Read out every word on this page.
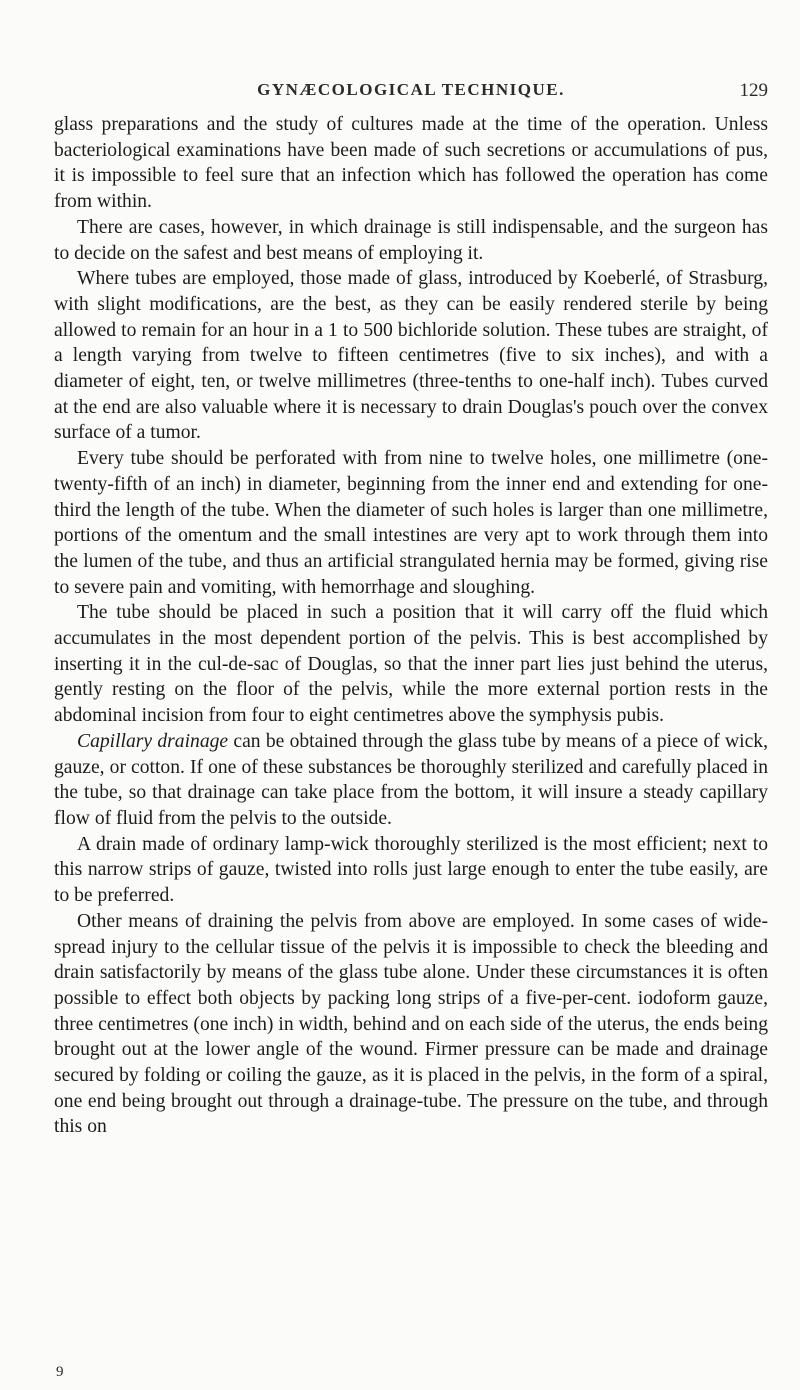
GYNÆCOLOGICAL TECHNIQUE.	129

glass preparations and the study of cultures made at the time of the operation. Unless bacteriological examinations have been made of such secretions or accumulations of pus, it is impossible to feel sure that an infection which has followed the operation has come from within.

There are cases, however, in which drainage is still indispensable, and the surgeon has to decide on the safest and best means of employing it.

Where tubes are employed, those made of glass, introduced by Koeberlé, of Strasburg, with slight modifications, are the best, as they can be easily rendered sterile by being allowed to remain for an hour in a 1 to 500 bichloride solution. These tubes are straight, of a length varying from twelve to fifteen centimetres (five to six inches), and with a diameter of eight, ten, or twelve millimetres (three-tenths to one-half inch). Tubes curved at the end are also valuable where it is necessary to drain Douglas's pouch over the convex surface of a tumor.

Every tube should be perforated with from nine to twelve holes, one millimetre (one-twenty-fifth of an inch) in diameter, beginning from the inner end and extending for one-third the length of the tube. When the diameter of such holes is larger than one millimetre, portions of the omentum and the small intestines are very apt to work through them into the lumen of the tube, and thus an artificial strangulated hernia may be formed, giving rise to severe pain and vomiting, with hemorrhage and sloughing.

The tube should be placed in such a position that it will carry off the fluid which accumulates in the most dependent portion of the pelvis. This is best accomplished by inserting it in the cul-de-sac of Douglas, so that the inner part lies just behind the uterus, gently resting on the floor of the pelvis, while the more external portion rests in the abdominal incision from four to eight centimetres above the symphysis pubis.

Capillary drainage can be obtained through the glass tube by means of a piece of wick, gauze, or cotton. If one of these substances be thoroughly sterilized and carefully placed in the tube, so that drainage can take place from the bottom, it will insure a steady capillary flow of fluid from the pelvis to the outside.

A drain made of ordinary lamp-wick thoroughly sterilized is the most efficient; next to this narrow strips of gauze, twisted into rolls just large enough to enter the tube easily, are to be preferred.

Other means of draining the pelvis from above are employed. In some cases of wide-spread injury to the cellular tissue of the pelvis it is impossible to check the bleeding and drain satisfactorily by means of the glass tube alone. Under these circumstances it is often possible to effect both objects by packing long strips of a five-per-cent. iodoform gauze, three centimetres (one inch) in width, behind and on each side of the uterus, the ends being brought out at the lower angle of the wound. Firmer pressure can be made and drainage secured by folding or coiling the gauze, as it is placed in the pelvis, in the form of a spiral, one end being brought out through a drainage-tube. The pressure on the tube, and through this on

9
